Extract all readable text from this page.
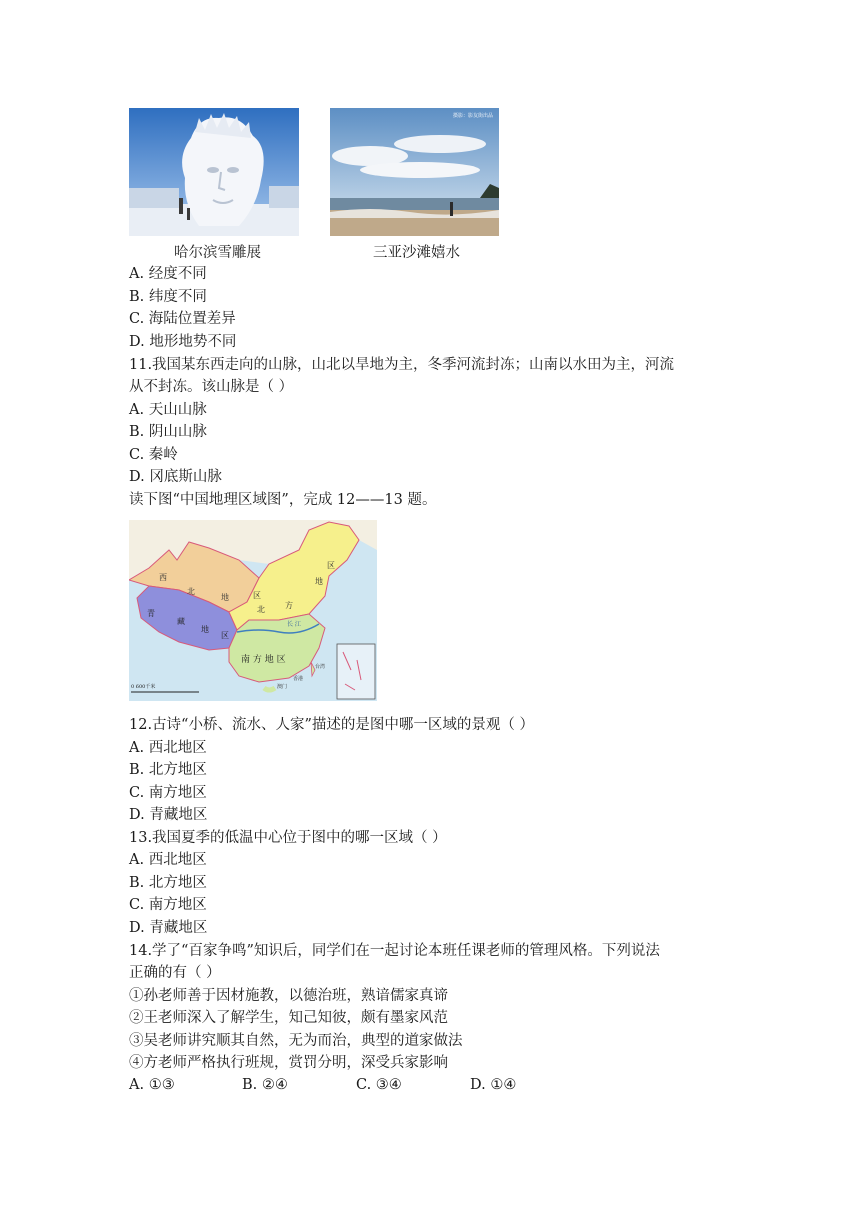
摄影：影友街出品
哈尔滨雪雕展	三亚沙滩嬉水
A. 经度不同
B. 纬度不同
C. 海陆位置差异
D. 地形地势不同
11.我国某东西走向的山脉，山北以旱地为主，冬季河流封冻；山南以水田为主，河流
从不封冻。该山脉是（ ）
A. 天山山脉
B. 阴山山脉
C. 秦岭
D. 冈底斯山脉
读下图“中国地理区域图”，完成 12——13 题。
西
北
地	区
青
藏
地
区
北	方
地
区
长 江
南 方 地 区
台湾
香港
澳门
0 600千米
12.古诗“小桥、流水、人家”描述的是图中哪一区域的景观（ ）
A. 西北地区
B. 北方地区
C. 南方地区
D. 青藏地区
13.我国夏季的低温中心位于图中的哪一区域（ ）
A. 西北地区
B. 北方地区
C. 南方地区
D. 青藏地区
14.学了“百家争鸣”知识后，同学们在一起讨论本班任课老师的管理风格。下列说法
正确的有（ ）
①孙老师善于因材施教，以德治班，熟谙儒家真谛
②王老师深入了解学生，知己知彼，颇有墨家风范
③吴老师讲究顺其自然，无为而治，典型的道家做法
④方老师严格执行班规，赏罚分明，深受兵家影响
A. ①③	B. ②④	C. ③④	D. ①④
